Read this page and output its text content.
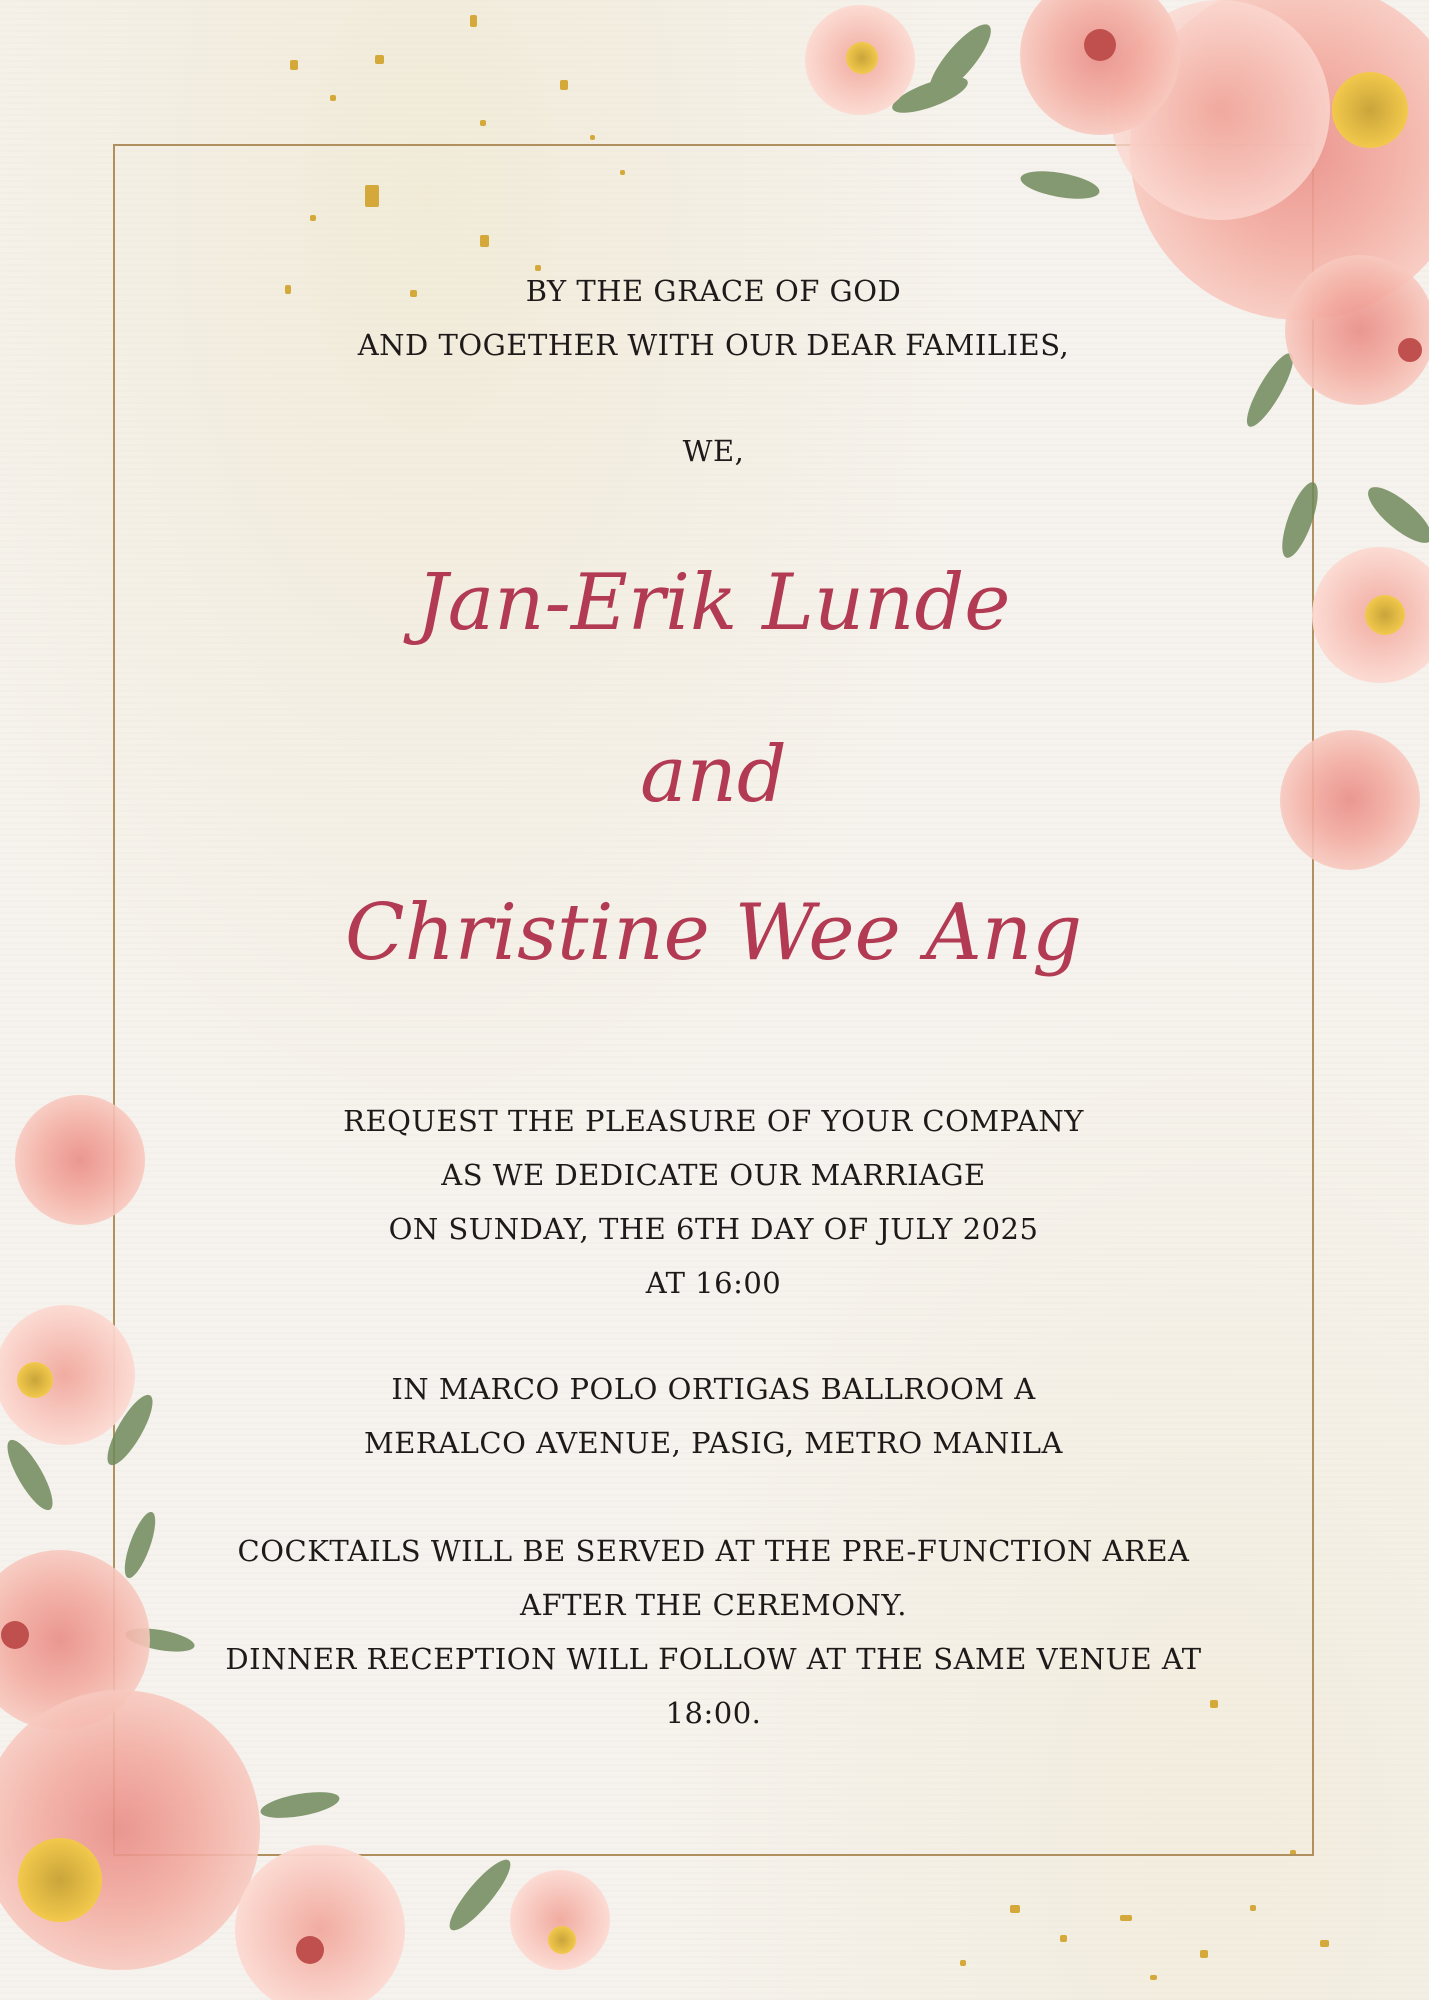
BY THE GRACE OF GOD
AND TOGETHER WITH OUR DEAR FAMILIES,
WE,
Jan-Erik Lunde
and
Christine Wee Ang
REQUEST THE PLEASURE OF YOUR COMPANY
AS WE DEDICATE OUR MARRIAGE
ON SUNDAY, THE 6TH DAY OF JULY 2025
AT 16:00
IN MARCO POLO ORTIGAS BALLROOM A
MERALCO AVENUE, PASIG, METRO MANILA
COCKTAILS WILL BE SERVED AT THE PRE-FUNCTION AREA
AFTER THE CEREMONY.
DINNER RECEPTION WILL FOLLOW AT THE SAME VENUE AT
18:00.
